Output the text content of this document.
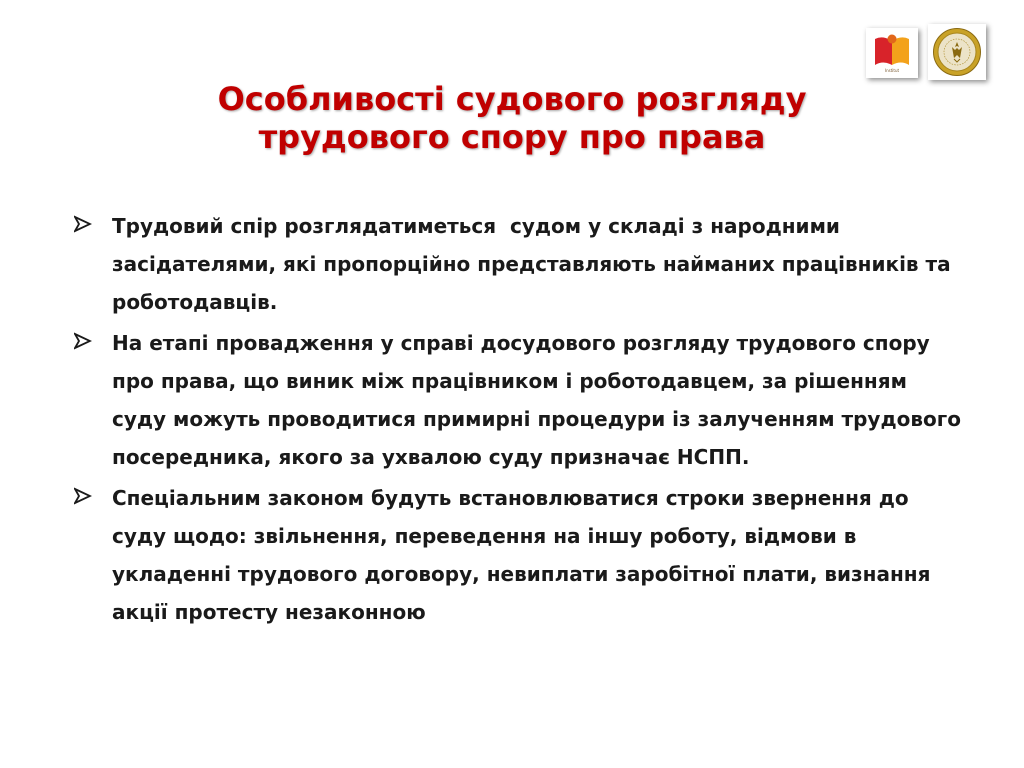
Institut
Особливості судового розгляду
трудового спору про права
Трудовий спір розглядатиметься  судом у складі з народними засідателями, які пропорційно представляють найманих працівників та роботодавців.
На етапі провадження у справі досудового розгляду трудового спору про права, що виник між працівником і роботодавцем, за рішенням суду можуть проводитися примирні процедури із залученням трудового посередника, якого за ухвалою суду призначає НСПП.
Спеціальним законом будуть встановлюватися строки звернення до суду щодо: звільнення, переведення на іншу роботу, відмови в укладенні трудового договору, невиплати заробітної плати, визнання акції протесту незаконною
